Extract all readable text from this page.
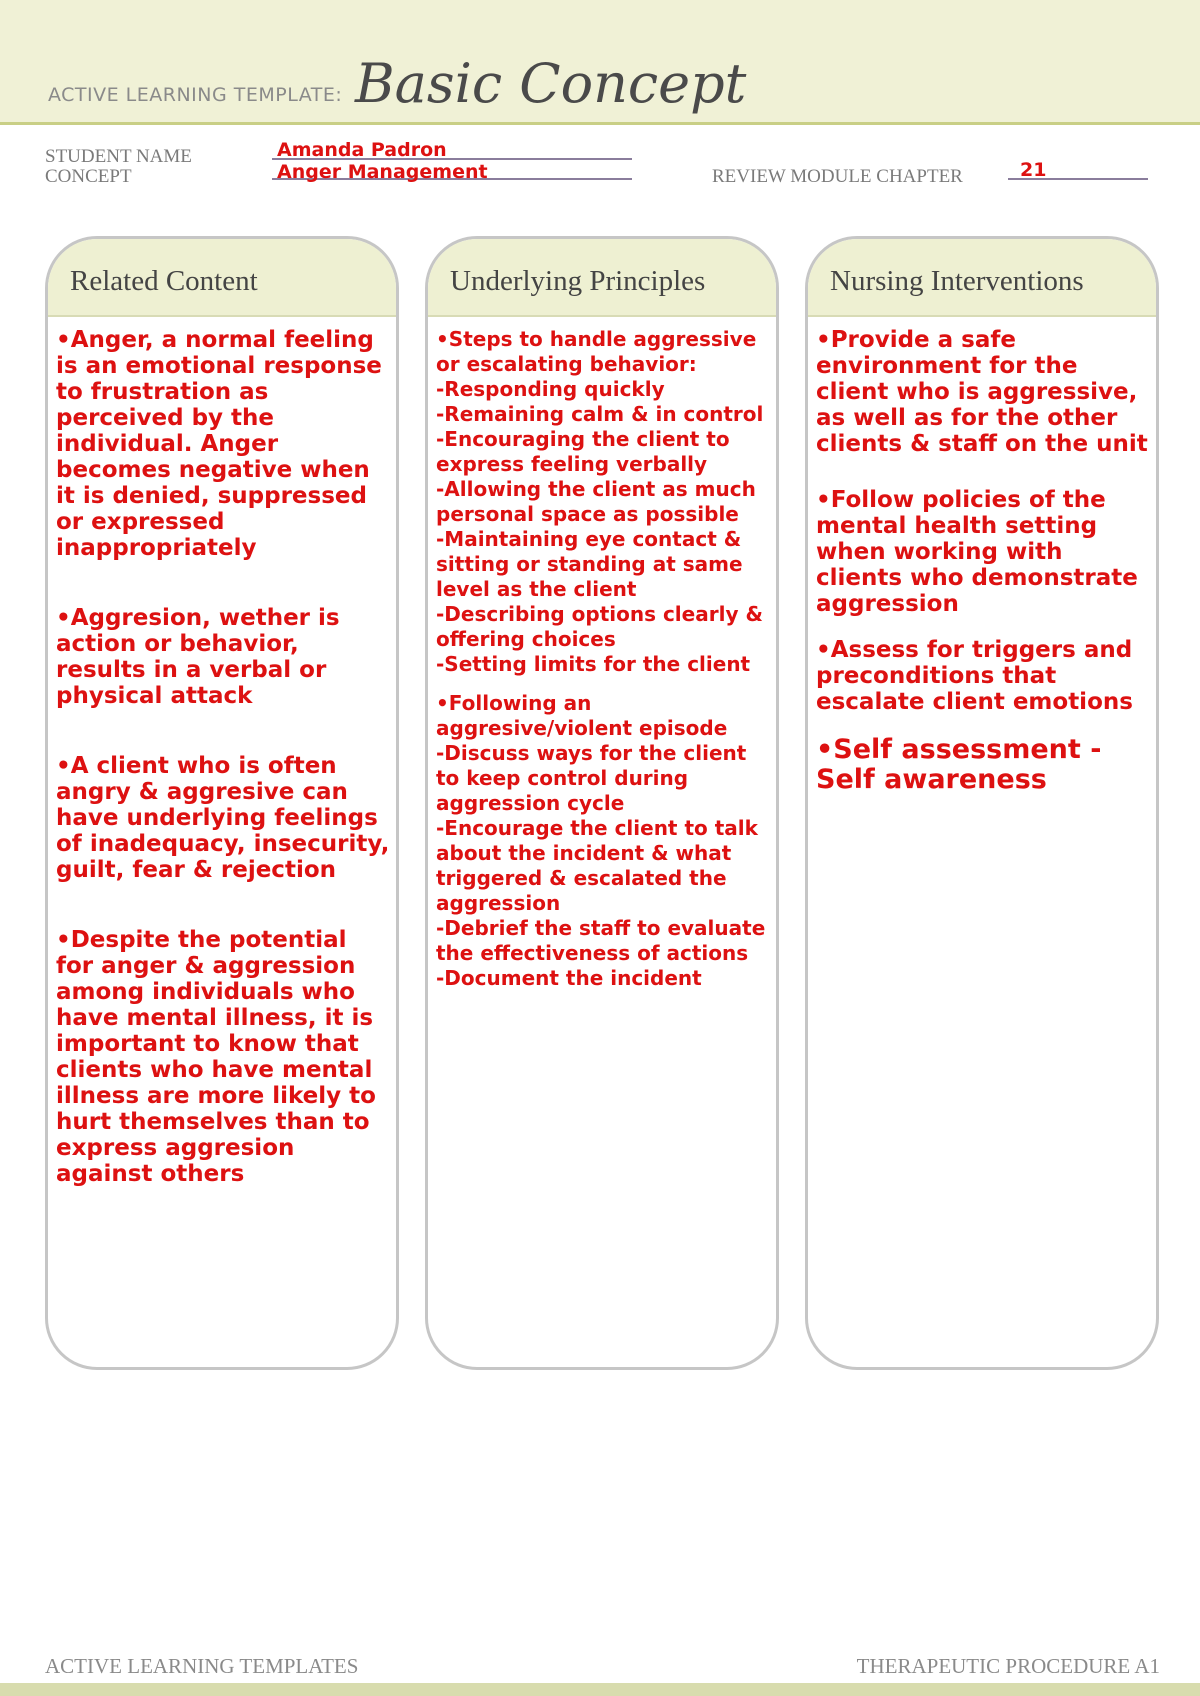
ACTIVE LEARNING TEMPLATE: Basic Concept
STUDENT NAME
CONCEPT
Amanda Padron
Anger Management	REVIEW MODULE CHAPTER	21
Related Content
•Anger, a normal feeling is an emotional response to frustration as perceived by the individual. Anger becomes negative when it is denied, suppressed or expressed inappropriately
•Aggresion, wether is action or behavior, results in a verbal or physical attack
•A client who is often angry & aggresive can have underlying feelings of inadequacy, insecurity, guilt, fear & rejection
•Despite the potential for anger & aggression among individuals who have mental illness, it is important to know that clients who have mental illness are more likely to hurt themselves than to express aggresion against others
Underlying Principles
•Steps to handle aggressive or escalating behavior:
-Responding quickly
-Remaining calm & in control
-Encouraging the client to express feeling verbally
-Allowing the client as much personal space as possible
-Maintaining eye contact & sitting or standing at same level as the client
-Describing options clearly & offering choices
-Setting limits for the client
•Following an aggresive/violent episode
-Discuss ways for the client to keep control during aggression cycle
-Encourage the client to talk about the incident & what triggered & escalated the aggression
-Debrief the staff to evaluate the effectiveness of actions
-Document the incident
Nursing Interventions
•Provide a safe environment for the client who is aggressive, as well as for the other clients & staff on the unit
•Follow policies of the mental health setting when working with clients who demonstrate aggression
•Assess for triggers and preconditions that escalate client emotions
•Self assessment - Self awareness
ACTIVE LEARNING TEMPLATES	THERAPEUTIC PROCEDURE A1
